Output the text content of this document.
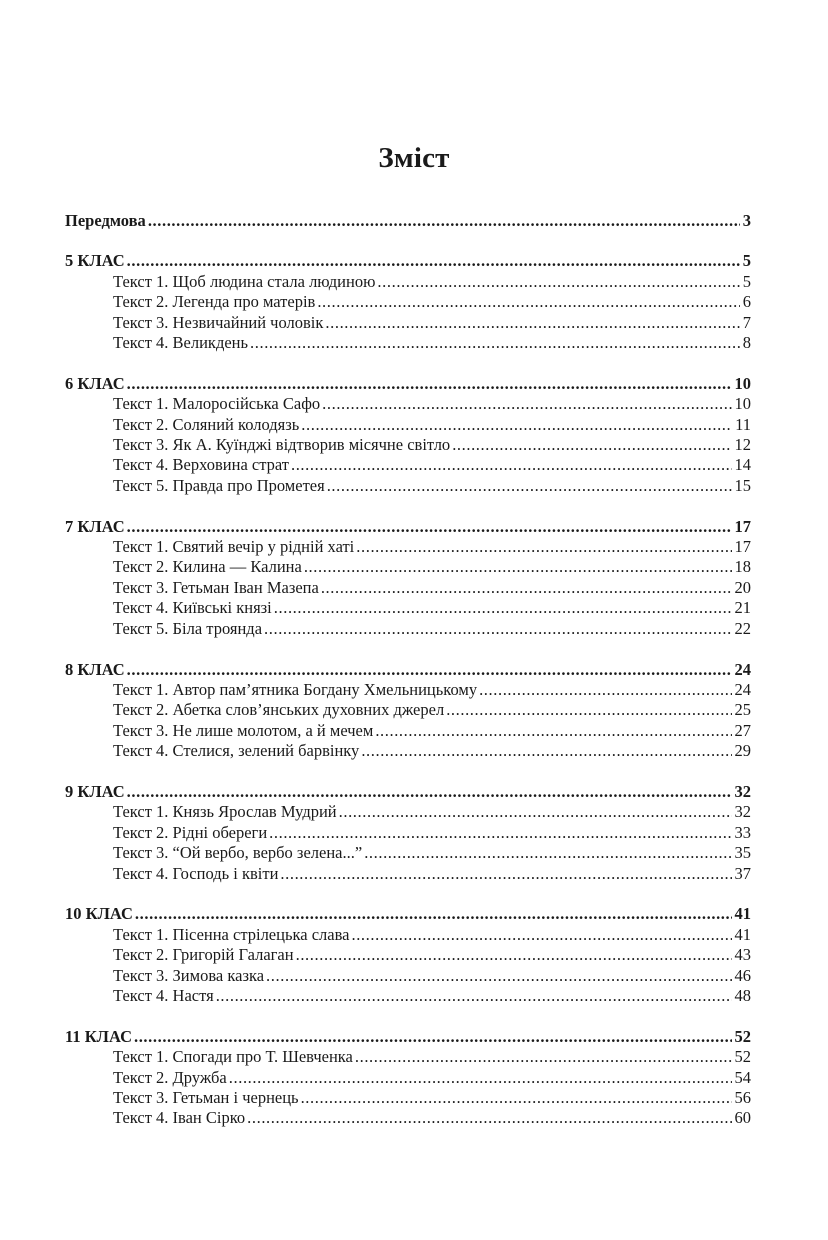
Зміст
Передмова .....	3
5 КЛАС .....	5
Текст 1. Щоб людина стала людиною .....	5
Текст 2. Легенда про матерів .....	6
Текст 3. Незвичайний чоловік .....	7
Текст 4. Великдень .....	8
6 КЛАС .....	10
Текст 1. Малоросійська Сафо .....	10
Текст 2. Соляний колодязь .....	11
Текст 3. Як А. Куїнджі відтворив місячне світло .....	12
Текст 4. Верховина страт .....	14
Текст 5. Правда про Прометея .....	15
7 КЛАС .....	17
Текст 1. Святий вечір у рідній хаті .....	17
Текст 2. Килина — Калина .....	18
Текст 3. Гетьман Іван Мазепа .....	20
Текст 4. Київські князі .....	21
Текст 5. Біла троянда .....	22
8 КЛАС .....	24
Текст 1. Автор пам’ятника Богдану Хмельницькому .....	24
Текст 2. Абетка слов’янських духовних джерел .....	25
Текст 3. Не лише молотом, а й мечем .....	27
Текст 4. Стелися, зелений барвінку .....	29
9 КЛАС .....	32
Текст 1. Князь Ярослав Мудрий .....	32
Текст 2. Рідні обереги .....	33
Текст 3. “Ой вербо, вербо зелена...” .....	35
Текст 4. Господь і квіти .....	37
10 КЛАС .....	41
Текст 1. Пісенна стрілецька слава .....	41
Текст 2. Григорій Галаган .....	43
Текст 3. Зимова казка .....	46
Текст 4. Настя .....	48
11 КЛАС .....	52
Текст 1. Спогади про Т. Шевченка .....	52
Текст 2. Дружба .....	54
Текст 3. Гетьман і чернець .....	56
Текст 4. Іван Сірко .....	60
